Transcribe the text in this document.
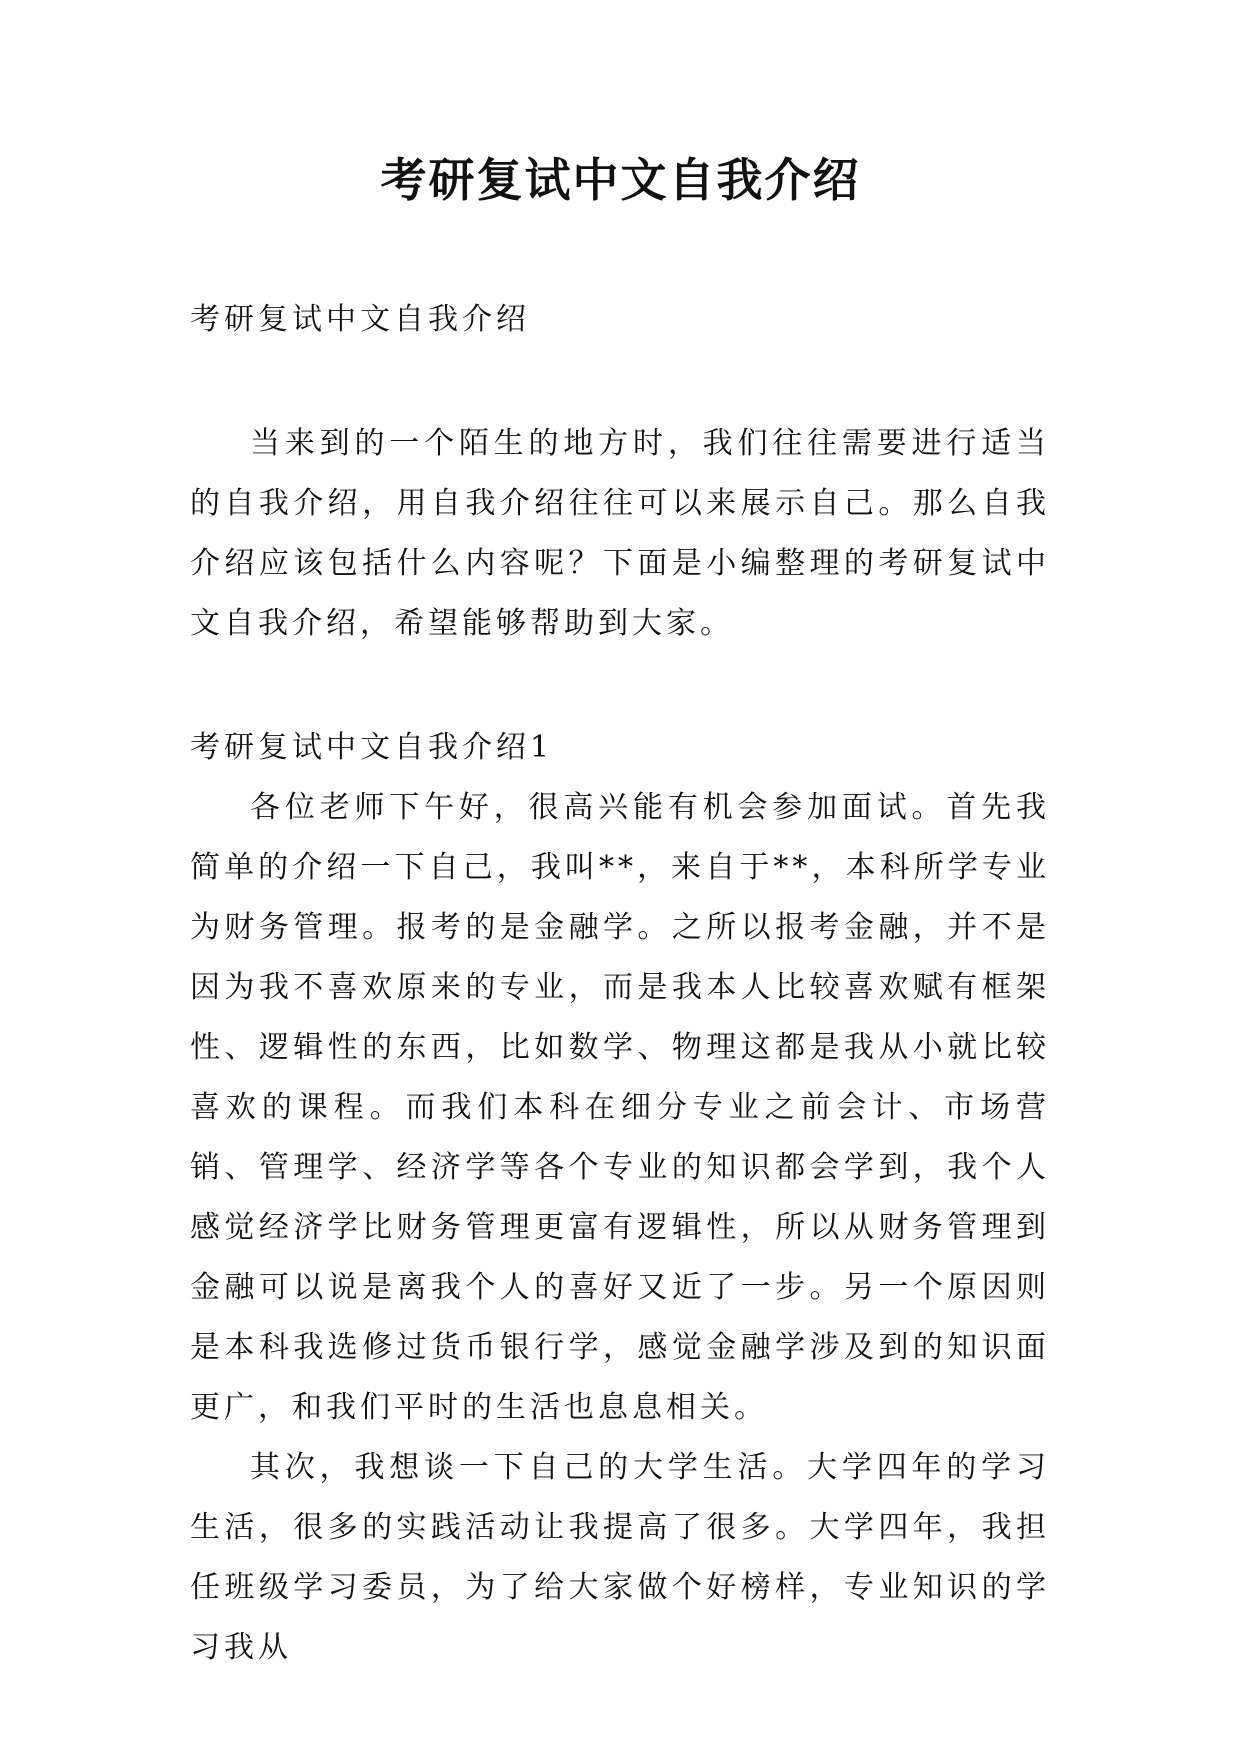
考研复试中文自我介绍

考研复试中文自我介绍

当来到的一个陌生的地方时，我们往往需要进行适当的自我介绍，用自我介绍往往可以来展示自己。那么自我介绍应该包括什么内容呢？下面是小编整理的考研复试中文自我介绍，希望能够帮助到大家。

考研复试中文自我介绍1

各位老师下午好，很高兴能有机会参加面试。首先我简单的介绍一下自己，我叫**，来自于**，本科所学专业为财务管理。报考的是金融学。之所以报考金融，并不是因为我不喜欢原来的专业，而是我本人比较喜欢赋有框架性、逻辑性的东西，比如数学、物理这都是我从小就比较喜欢的课程。而我们本科在细分专业之前会计、市场营销、管理学、经济学等各个专业的知识都会学到，我个人感觉经济学比财务管理更富有逻辑性，所以从财务管理到金融可以说是离我个人的喜好又近了一步。另一个原因则是本科我选修过货币银行学，感觉金融学涉及到的知识面更广，和我们平时的生活也息息相关。

其次，我想谈一下自己的大学生活。大学四年的学习生活，很多的实践活动让我提高了很多。大学四年，我担任班级学习委员，为了给大家做个好榜样，专业知识的学习我从
